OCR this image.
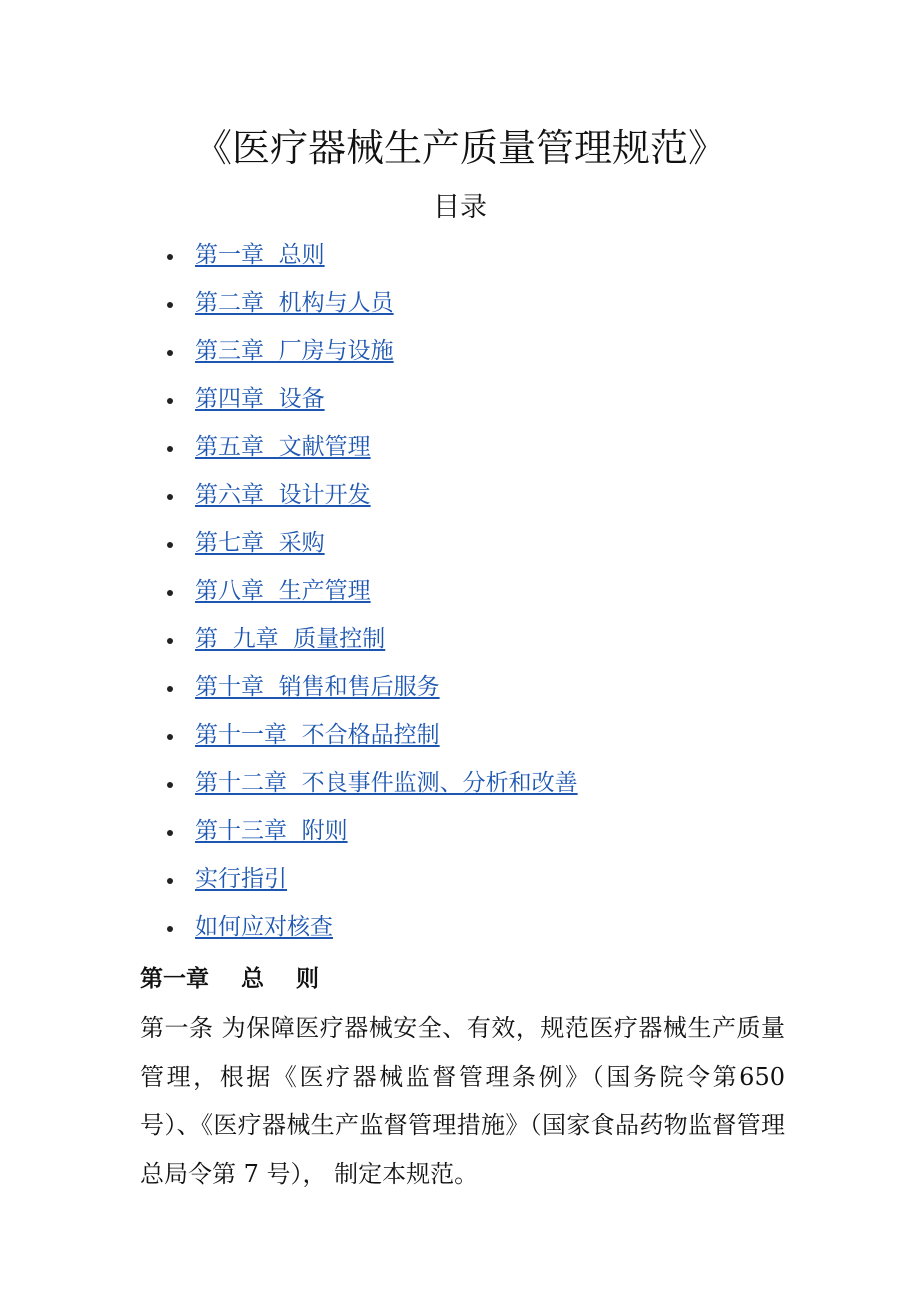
《医疗器械生产质量管理规范》
目录
第一章  总则
第二章  机构与人员
第三章  厂房与设施
第四章  设备
第五章  文献管理
第六章  设计开发
第七章  采购
第八章  生产管理
第  九章  质量控制
第十章  销售和售后服务
第十一章  不合格品控制
第十二章  不良事件监测、分析和改善
第十三章  附则
实行指引
如何应对核查
第一章    总    则

第一条 为保障医疗器械安全、有效，规范医疗器械生产质量管理，根据《医疗器械监督管理条例》（国务院令第650号）、《医疗器械生产监督管理措施》（国家食品药物监督管理总局令第 7 号）， 制定本规范。
